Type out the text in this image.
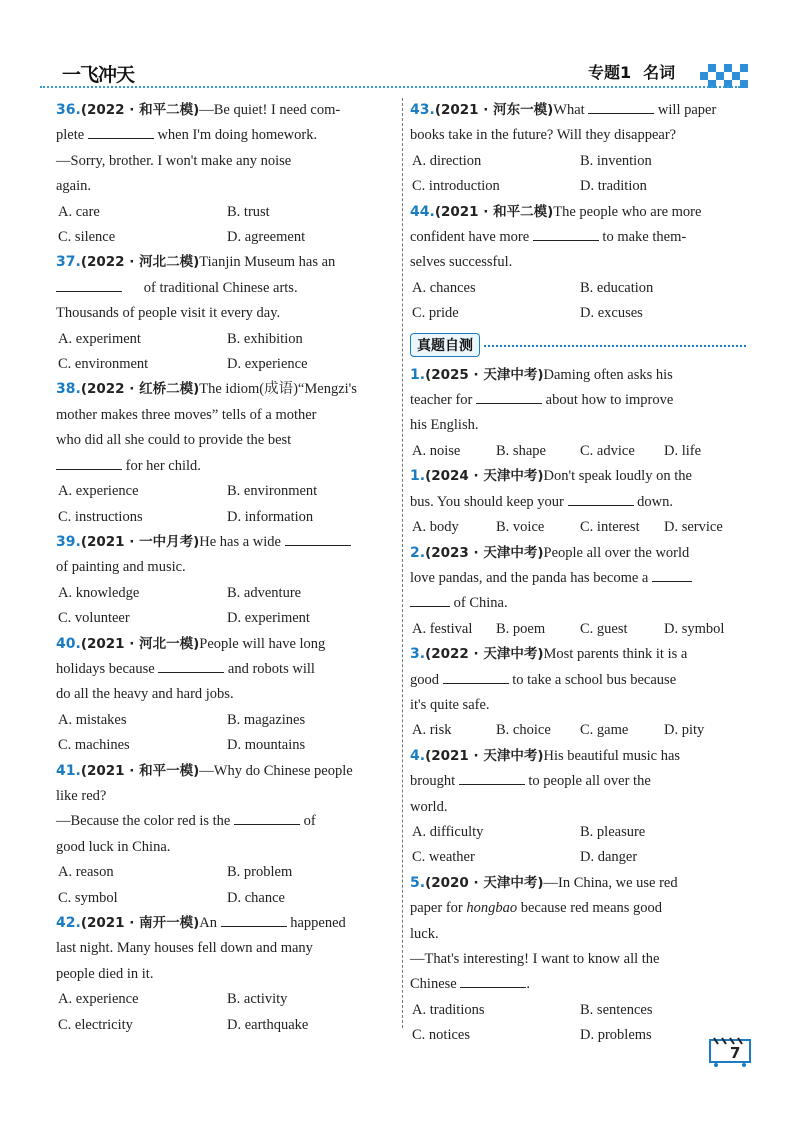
一飞冲天	专题1 名词
36.(2022 · 和平二模)—Be quiet! I need com-
plete	when I'm doing homework.
—Sorry, brother. I won't make any noise
again.
A. care	B. trust
C. silence	D. agreement
37.(2022 · 河北二模)Tianjin Museum has an
of traditional Chinese arts.
Thousands of people visit it every day.
A. experiment	B. exhibition
C. environment	D. experience
38.(2022 · 红桥二模)The idiom(成语)“Mengzi's
mother makes three moves” tells of a mother
who did all she could to provide the best
for her child.
A. experience	B. environment
C. instructions	D. information
39.(2021 · 一中月考)He has a wide
of painting and music.
A. knowledge	B. adventure
C. volunteer	D. experiment
40.(2021 · 河北一模)People will have long
holidays because	and robots will
do all the heavy and hard jobs.
A. mistakes	B. magazines
C. machines	D. mountains
41.(2021 · 和平一模)—Why do Chinese people
like red?
—Because the color red is the	of
good luck in China.
A. reason	B. problem
C. symbol	D. chance
42.(2021 · 南开一模)An	happened
last night. Many houses fell down and many
people died in it.
A. experience	B. activity
C. electricity	D. earthquake
43.(2021 · 河东一模)What	will paper
books take in the future? Will they disappear?
A. direction	B. invention
C. introduction	D. tradition
44.(2021 · 和平二模)The people who are more
confident have more	to make them-
selves successful.
A. chances	B. education
C. pride	D. excuses
真题自测
1.(2025 · 天津中考)Daming often asks his
teacher for	about how to improve
his English.
A. noise	B. shape	C. advice	D. life
1.(2024 · 天津中考)Don't speak loudly on the
bus. You should keep your	down.
A. body	B. voice	C. interest	D. service
2.(2023 · 天津中考)People all over the world
love pandas, and the panda has become a
of China.
A. festival	B. poem	C. guest	D. symbol
3.(2022 · 天津中考)Most parents think it is a
good	to take a school bus because
it's quite safe.
A. risk	B. choice	C. game	D. pity
4.(2021 · 天津中考)His beautiful music has
brought	to people all over the
world.
A. difficulty	B. pleasure
C. weather	D. danger
5.(2020 · 天津中考)—In China, we use red
paper for hongbao because red means good
luck.
—That's interesting! I want to know all the
Chinese	.
A. traditions	B. sentences
C. notices	D. problems
7
